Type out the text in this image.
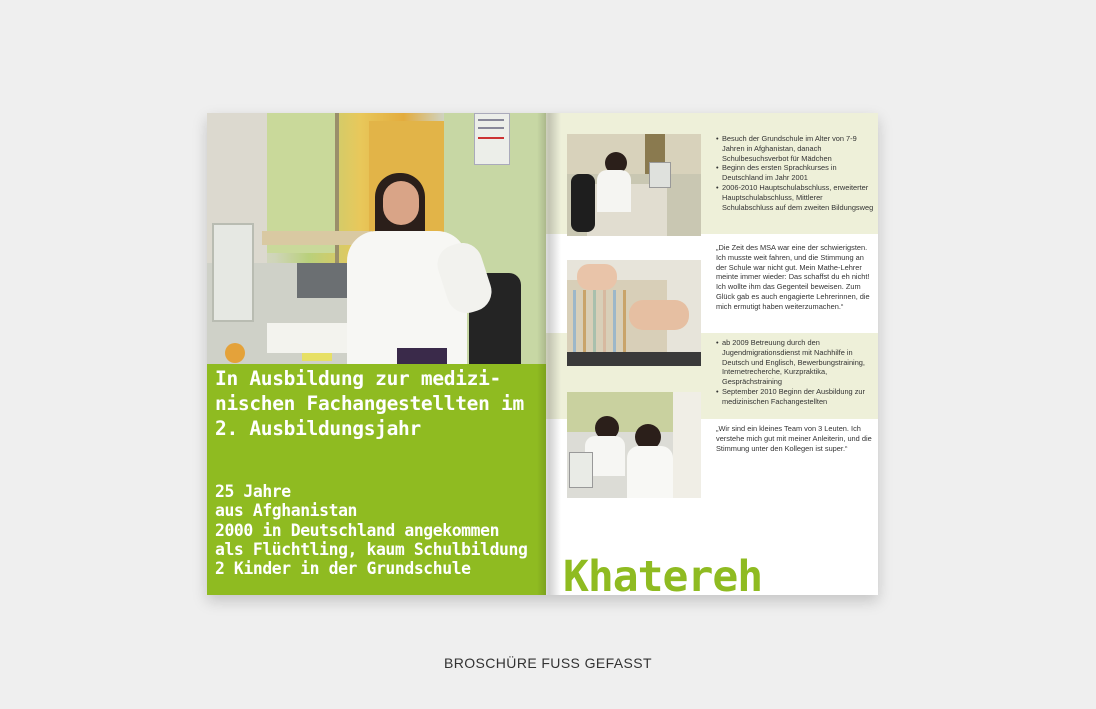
In Ausbildung zur medizi-
nischen Fachangestellten im
2. Ausbildungsjahr
25 Jahre
aus Afghanistan
2000 in Deutschland angekommen
als Flüchtling, kaum Schulbildung
2 Kinder in der Grundschule
• Besuch der Grundschule im Alter von 7-9 Jahren in Afghanistan, danach Schulbesuchsverbot für Mädchen
• Beginn des ersten Sprachkurses in Deutschland im Jahr 2001
• 2006-2010 Hauptschulabschluss, erweiterter Hauptschulabschluss, Mittlerer Schulabschluss auf dem zweiten Bildungsweg
„Die Zeit des MSA war eine der schwierigsten. Ich musste weit fahren, und die Stimmung an der Schule war nicht gut. Mein Mathe-Lehrer meinte immer wieder: Das schaffst du eh nicht! Ich wollte ihm das Gegenteil beweisen. Zum Glück gab es auch engagierte Lehrerinnen, die mich ermutigt haben weiterzumachen.“
• ab 2009 Betreuung durch den Jugendmigrationsdienst mit Nachhilfe in Deutsch und Englisch, Bewerbungstraining, Internetrecherche, Kurzpraktika, Gesprächstraining
• September 2010 Beginn der Ausbildung zur medizinischen Fachangestellten
„Wir sind ein kleines Team von 3 Leuten. Ich verstehe mich gut mit meiner Anleiterin, und die Stimmung unter den Kollegen ist super.“
Khatereh
BROSCHÜRE FUSS GEFASST
